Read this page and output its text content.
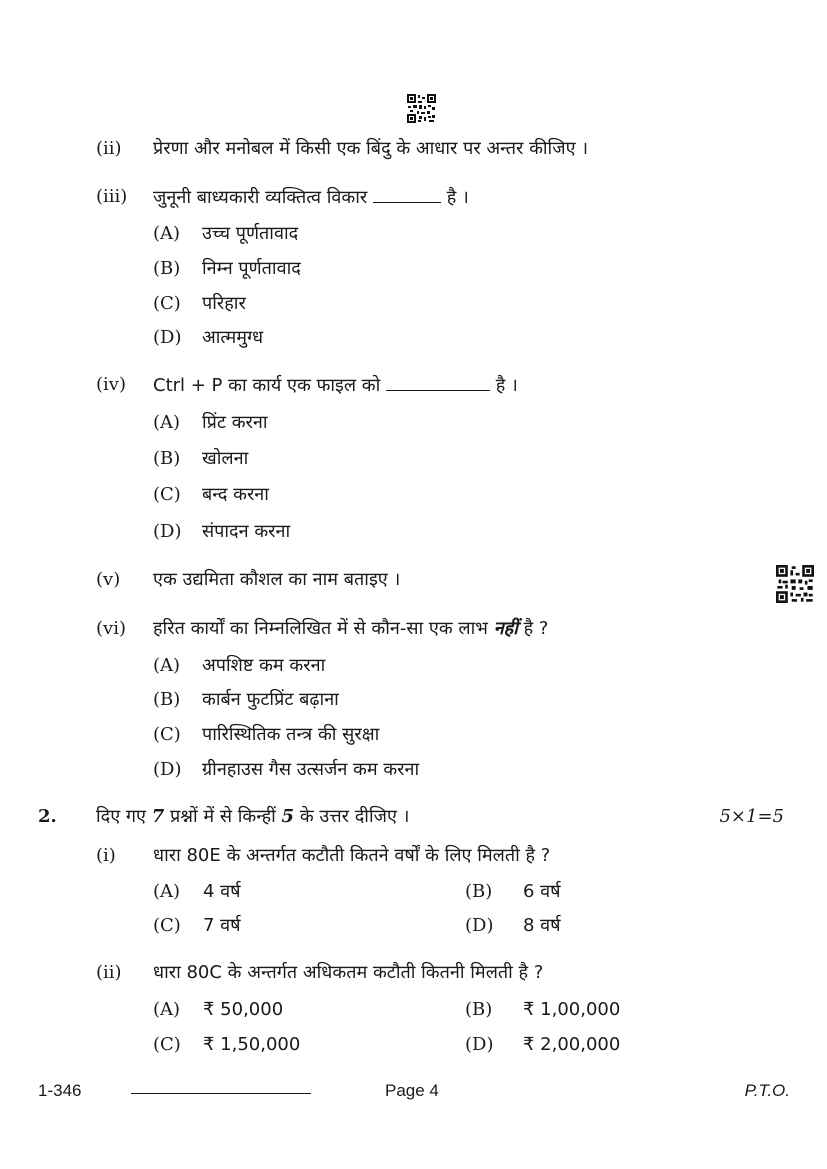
(ii) प्रेरणा और मनोबल में किसी एक बिंदु के आधार पर अन्तर कीजिए ।
(iii) जुनूनी बाध्यकारी व्यक्तित्व विकार	है ।
(A) उच्च पूर्णतावाद
(B) निम्न पूर्णतावाद
(C) परिहार
(D) आत्ममुग्ध
(iv) Ctrl + P का कार्य एक फाइल को	है ।
(A) प्रिंट करना
(B) खोलना
(C) बन्द करना
(D) संपादन करना
(v) एक उद्यमिता कौशल का नाम बताइए ।
(vi) हरित कार्यों का निम्नलिखित में से कौन-सा एक लाभ नहीं है ?
(A) अपशिष्ट कम करना
(B) कार्बन फुटप्रिंट बढ़ाना
(C) पारिस्थितिक तन्त्र की सुरक्षा
(D) ग्रीनहाउस गैस उत्सर्जन कम करना
2. दिए गए 7 प्रश्नों में से किन्हीं 5 के उत्तर दीजिए ।	5×1=5
(i) धारा 80E के अन्तर्गत कटौती कितने वर्षों के लिए मिलती है ?
(A) 4 वर्ष	(B) 6 वर्ष
(C) 7 वर्ष	(D) 8 वर्ष
(ii) धारा 80C के अन्तर्गत अधिकतम कटौती कितनी मिलती है ?
(A) ₹ 50,000	(B) ₹ 1,00,000
(C) ₹ 1,50,000	(D) ₹ 2,00,000
1-346	Page 4	P.T.O.
